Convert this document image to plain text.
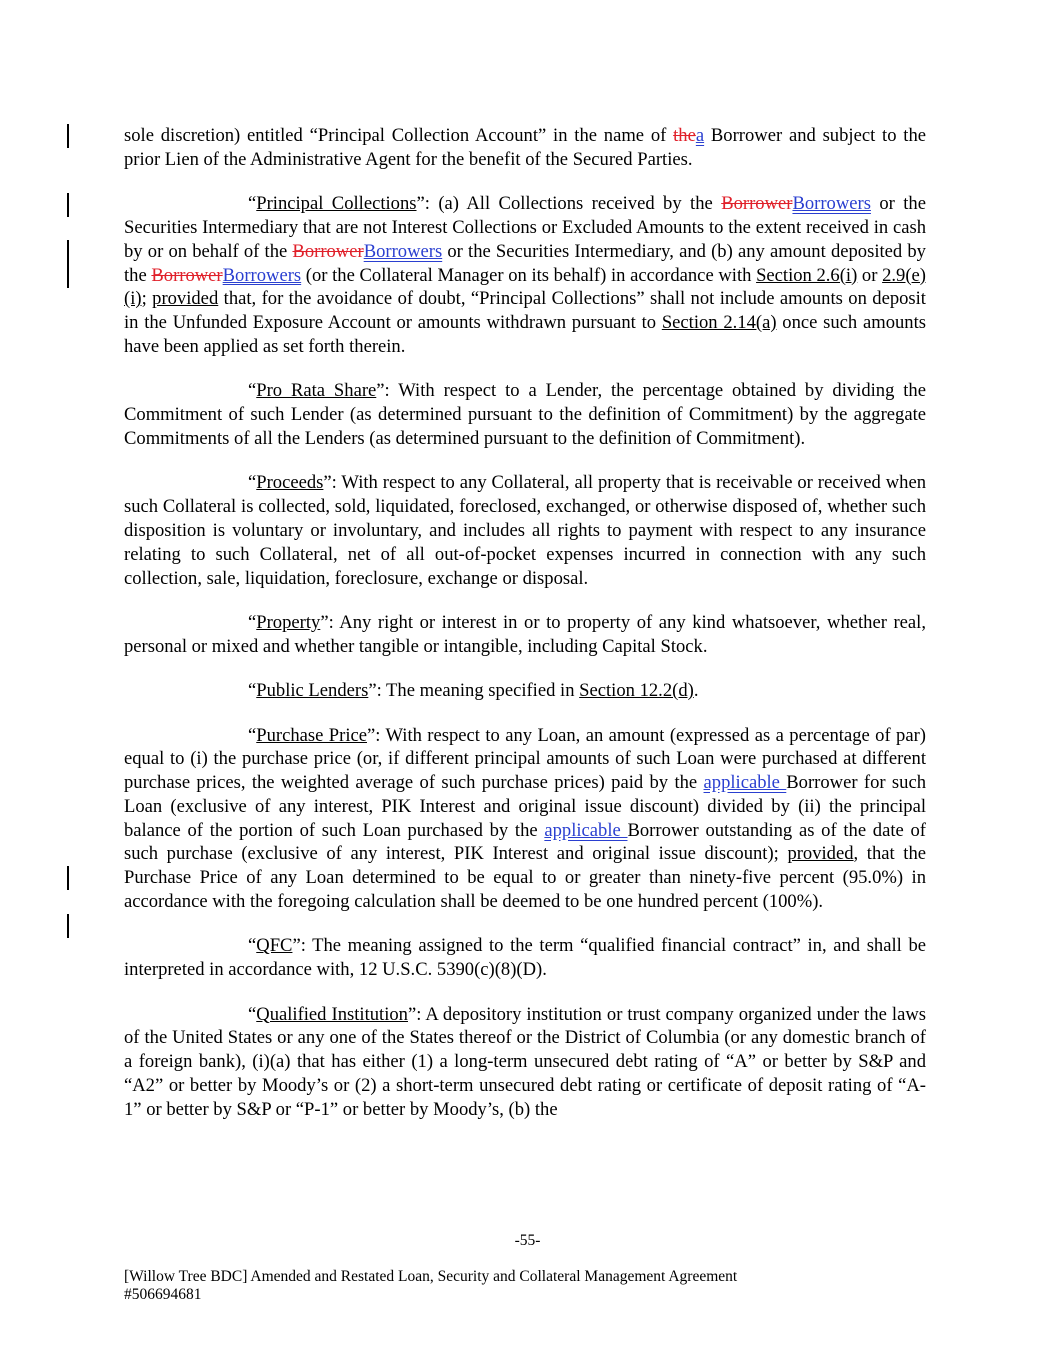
sole discretion) entitled “Principal Collection Account” in the name of thea Borrower and subject to the prior Lien of the Administrative Agent for the benefit of the Secured Parties.

“Principal Collections”: (a) All Collections received by the BorrowerBorrowers or the Securities Intermediary that are not Interest Collections or Excluded Amounts to the extent received in cash by or on behalf of the BorrowerBorrowers or the Securities Intermediary, and (b) any amount deposited by the BorrowerBorrowers (or the Collateral Manager on its behalf) in accordance with Section 2.6(i) or 2.9(e)(i); provided that, for the avoidance of doubt, “Principal Collections” shall not include amounts on deposit in the Unfunded Exposure Account or amounts withdrawn pursuant to Section 2.14(a) once such amounts have been applied as set forth therein.

“Pro Rata Share”: With respect to a Lender, the percentage obtained by dividing the Commitment of such Lender (as determined pursuant to the definition of Commitment) by the aggregate Commitments of all the Lenders (as determined pursuant to the definition of Commitment).

“Proceeds”: With respect to any Collateral, all property that is receivable or received when such Collateral is collected, sold, liquidated, foreclosed, exchanged, or otherwise disposed of, whether such disposition is voluntary or involuntary, and includes all rights to payment with respect to any insurance relating to such Collateral, net of all out-of-pocket expenses incurred in connection with any such collection, sale, liquidation, foreclosure, exchange or disposal.

“Property”: Any right or interest in or to property of any kind whatsoever, whether real, personal or mixed and whether tangible or intangible, including Capital Stock.

“Public Lenders”: The meaning specified in Section 12.2(d).

“Purchase Price”: With respect to any Loan, an amount (expressed as a percentage of par) equal to (i) the purchase price (or, if different principal amounts of such Loan were purchased at different purchase prices, the weighted average of such purchase prices) paid by the applicable Borrower for such Loan (exclusive of any interest, PIK Interest and original issue discount) divided by (ii) the principal balance of the portion of such Loan purchased by the applicable Borrower outstanding as of the date of such purchase (exclusive of any interest, PIK Interest and original issue discount); provided, that the Purchase Price of any Loan determined to be equal to or greater than ninety-five percent (95.0%) in accordance with the foregoing calculation shall be deemed to be one hundred percent (100%).

“QFC”: The meaning assigned to the term “qualified financial contract” in, and shall be interpreted in accordance with, 12 U.S.C. 5390(c)(8)(D).

“Qualified Institution”: A depository institution or trust company organized under the laws of the United States or any one of the States thereof or the District of Columbia (or any domestic branch of a foreign bank), (i)(a) that has either (1) a long-term unsecured debt rating of “A” or better by S&P and “A2” or better by Moody’s or (2) a short-term unsecured debt rating or certificate of deposit rating of “A-1” or better by S&P or “P-1” or better by Moody’s, (b) the

-55-
[Willow Tree BDC] Amended and Restated Loan, Security and Collateral Management Agreement
#506694681
